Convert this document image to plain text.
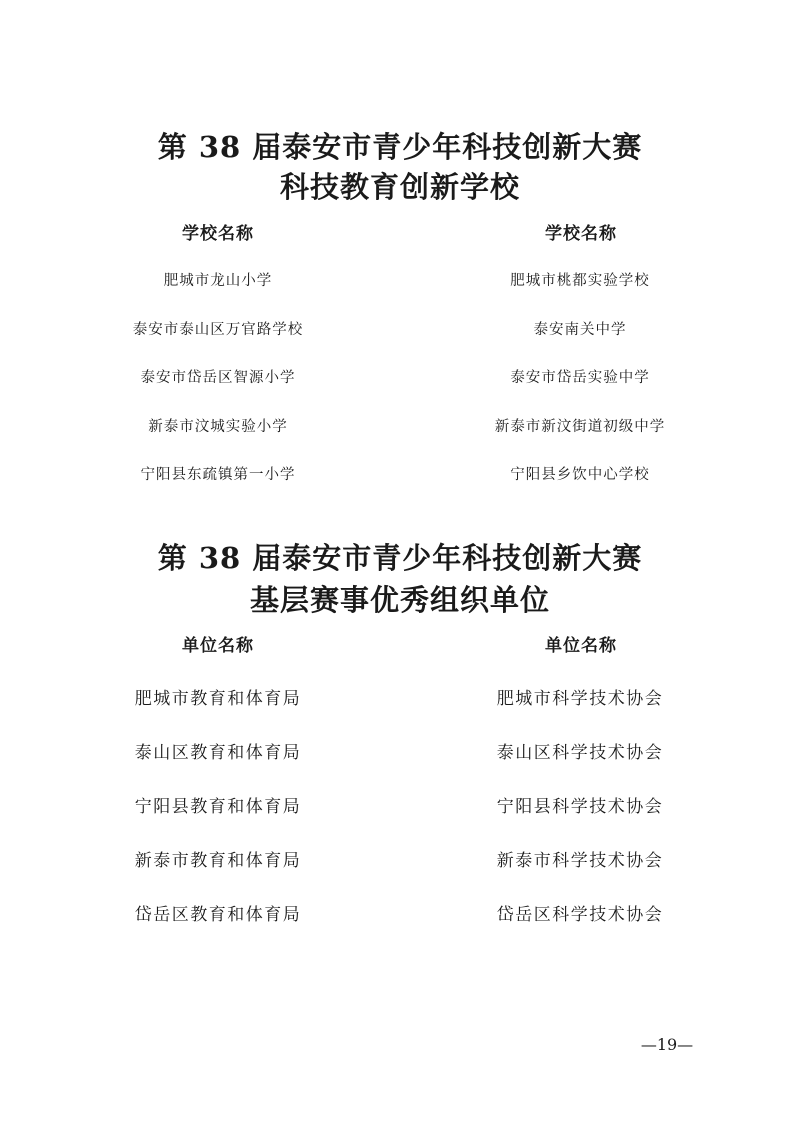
第 38 届泰安市青少年科技创新大赛
科技教育创新学校
学校名称	学校名称
肥城市龙山小学
泰安市泰山区万官路学校
泰安市岱岳区智源小学
新泰市汶城实验小学
宁阳县东疏镇第一小学
肥城市桃都实验学校
泰安南关中学
泰安市岱岳实验中学
新泰市新汶街道初级中学
宁阳县乡饮中心学校
第 38 届泰安市青少年科技创新大赛
基层赛事优秀组织单位
单位名称	单位名称
肥城市教育和体育局
泰山区教育和体育局
宁阳县教育和体育局
新泰市教育和体育局
岱岳区教育和体育局
肥城市科学技术协会
泰山区科学技术协会
宁阳县科学技术协会
新泰市科学技术协会
岱岳区科学技术协会
—19—
